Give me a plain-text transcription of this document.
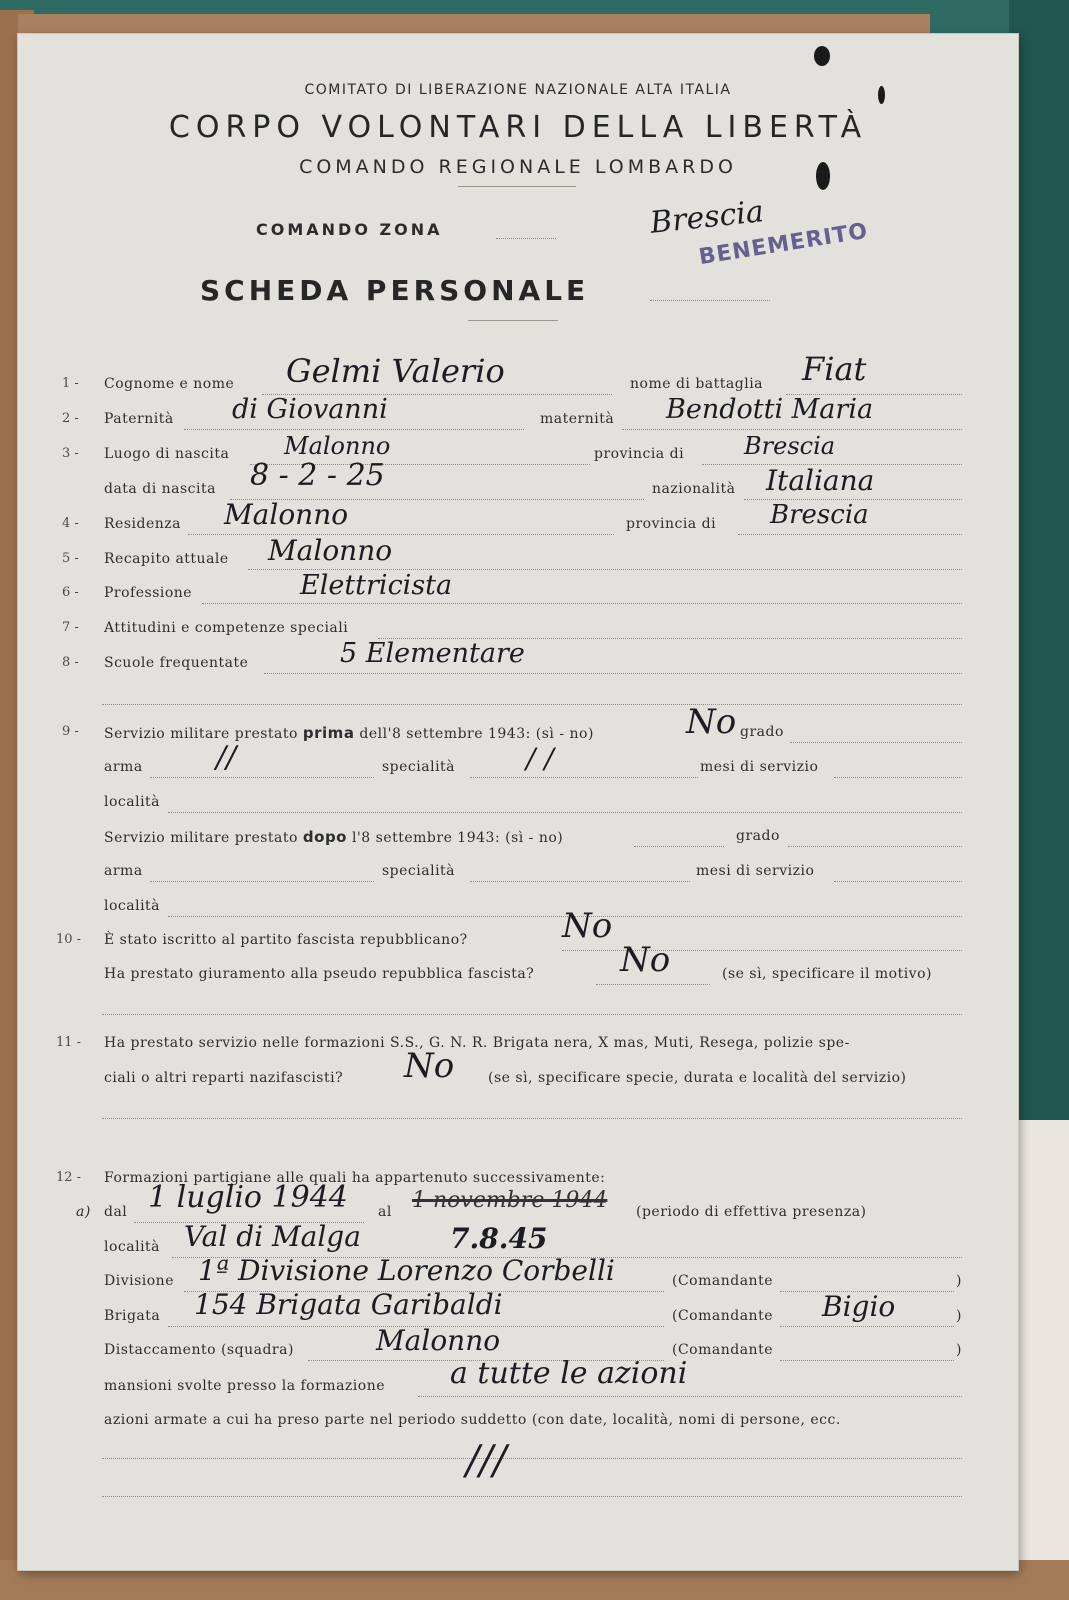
COMITATO DI LIBERAZIONE NAZIONALE ALTA ITALIA
CORPO VOLONTARI DELLA LIBERTÀ
COMANDO REGIONALE LOMBARDO
COMANDO ZONA	Brescia
BENEMERITO
SCHEDA PERSONALE
1 - Cognome e nome Gelmi Valerio	nome di battaglia Fiat
2 - Paternità di Giovanni	maternità Bendotti Maria
3 - Luogo di nascita Malonno	provincia di Brescia
data di nascita 8 - 2 - 25	nazionalità Italiana
4 - Residenza Malonno	provincia di Brescia
5 - Recapito attuale Malonno
6 - Professione	Elettricista
7 - Attitudini e competenze speciali
8 - Scuole frequentate	5 Elementare
9 - Servizio militare prestato prima dell'8 settembre 1943: (sì - no)	No grado
arma //	specialità	/ /	mesi di servizio
località
Servizio militare prestato dopo l'8 settembre 1943: (sì - no)	grado
arma	specialità	mesi di servizio
località
10 - È stato iscritto al partito fascista repubblicano?	No
Ha prestato giuramento alla pseudo repubblica fascista?	No	(se sì, specificare il motivo)
11 - Ha prestato servizio nelle formazioni S.S., G. N. R. Brigata nera, X mas, Muti, Resega, polizie spe-
ciali o altri reparti nazifascisti? No (se sì, specificare specie, durata e località del servizio)
12 - Formazioni partigiane alle quali ha appartenuto successivamente:
a) dal 1 luglio 1944 al 1 novembre 1944
7.8.45
(periodo di effettiva presenza)
località Val di Malga
Divisione 1ª Divisione Lorenzo Corbelli	(Comandante	)
Brigata 154 Brigata Garibaldi	(Comandante Bigio	)
Distaccamento (squadra)	Malonno	(Comandante	)
mansioni svolte presso la formazione a tutte le azioni
azioni armate a cui ha preso parte nel periodo suddetto (con date, località, nomi di persone, ecc.
///
